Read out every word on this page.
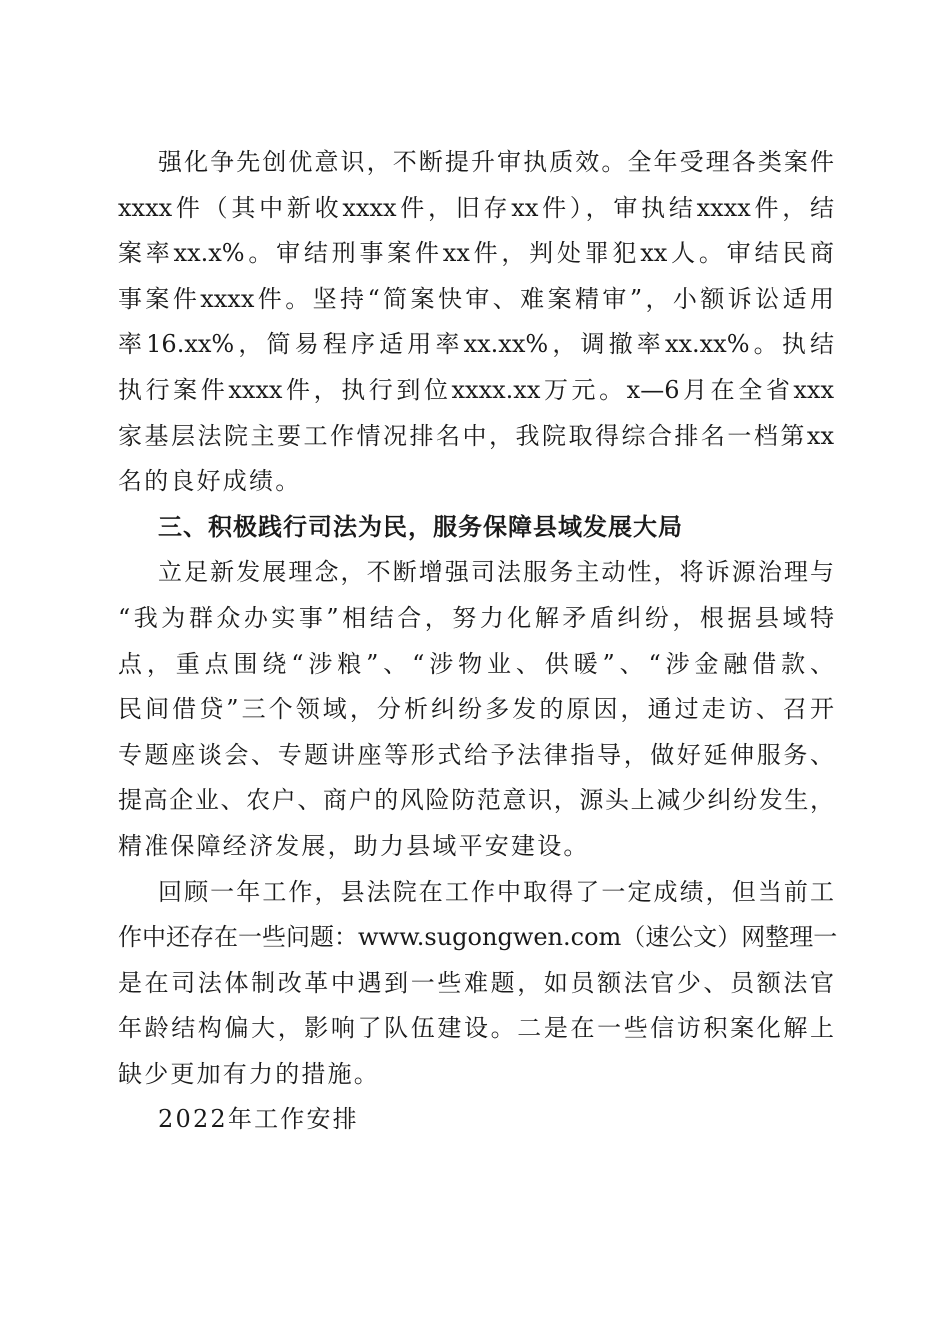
强化争先创优意识，不断提升审执质效。全年受理各类案件
xxxx件（其中新收xxxx件，旧存xx件），审执结xxxx件，结
案率xx.x%。审结刑事案件xx件，判处罪犯xx人。审结民商
事案件xxxx件。坚持“简案快审、难案精审”，小额诉讼适用
率16.xx%，简易程序适用率xx.xx%，调撤率xx.xx%。执结
执行案件xxxx件，执行到位xxxx.xx万元。x—6月在全省xxx
家基层法院主要工作情况排名中，我院取得综合排名一档第xx
名的良好成绩。
三、积极践行司法为民，服务保障县域发展大局
立足新发展理念，不断增强司法服务主动性，将诉源治理与
“我为群众办实事”相结合，努力化解矛盾纠纷，根据县域特
点，重点围绕“涉粮”、“涉物业、供暖”、“涉金融借款、
民间借贷”三个领域，分析纠纷多发的原因，通过走访、召开
专题座谈会、专题讲座等形式给予法律指导，做好延伸服务、
提高企业、农户、商户的风险防范意识，源头上减少纠纷发生，
精准保障经济发展，助力县域平安建设。
回顾一年工作，县法院在工作中取得了一定成绩，但当前工
作中还存在一些问题：www.sugongwen.com（速公文）网整理一
是在司法体制改革中遇到一些难题，如员额法官少、员额法官
年龄结构偏大，影响了队伍建设。二是在一些信访积案化解上
缺少更加有力的措施。
2022年工作安排
